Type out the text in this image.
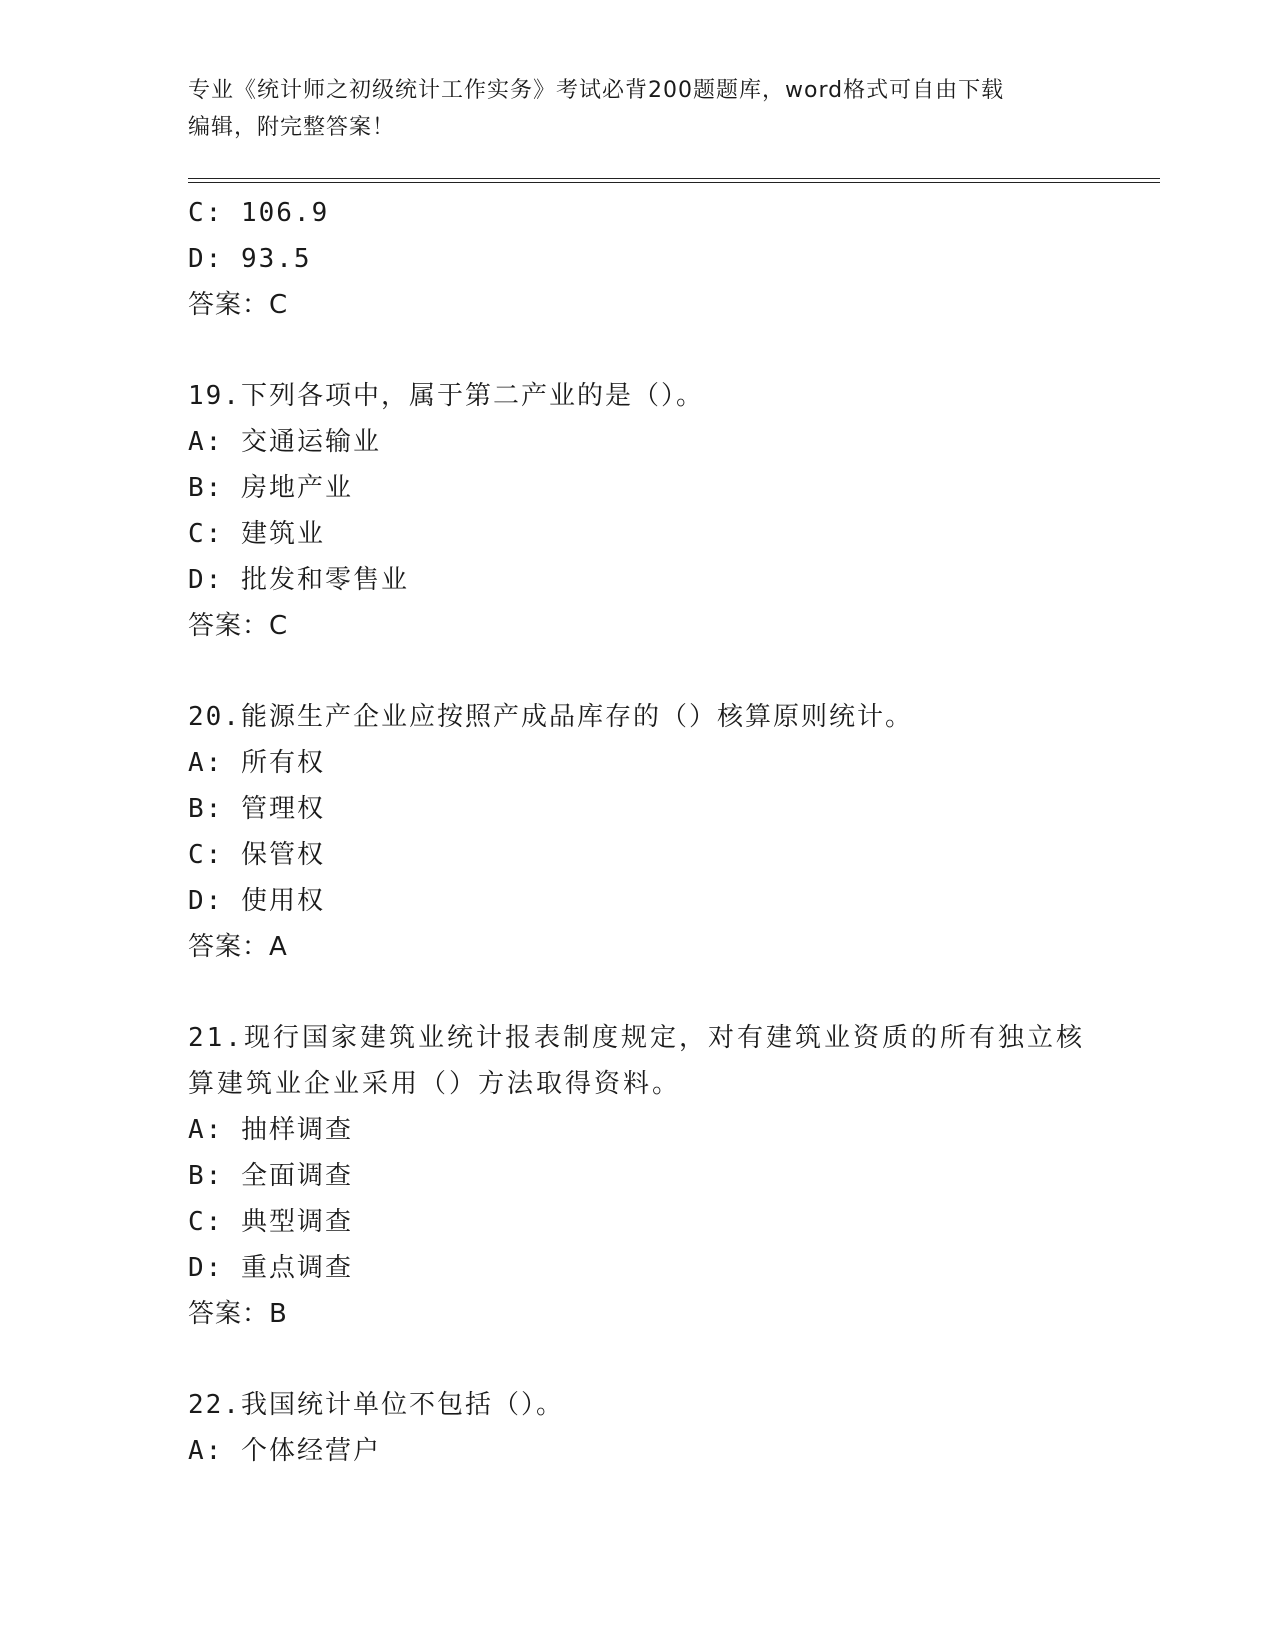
专业《统计师之初级统计工作实务》考试必背200题题库，word格式可自由下载
编辑，附完整答案！
C: 106.9
D: 93.5
答案：C
19.下列各项中，属于第二产业的是（）。
A: 交通运输业
B: 房地产业
C: 建筑业
D: 批发和零售业
答案：C
20.能源生产企业应按照产成品库存的（）核算原则统计。
A: 所有权
B: 管理权
C: 保管权
D: 使用权
答案：A
21.现行国家建筑业统计报表制度规定，对有建筑业资质的所有独立核算建筑业企业采用（）方法取得资料。
A: 抽样调查
B: 全面调查
C: 典型调查
D: 重点调查
答案：B
22.我国统计单位不包括（）。
A: 个体经营户
